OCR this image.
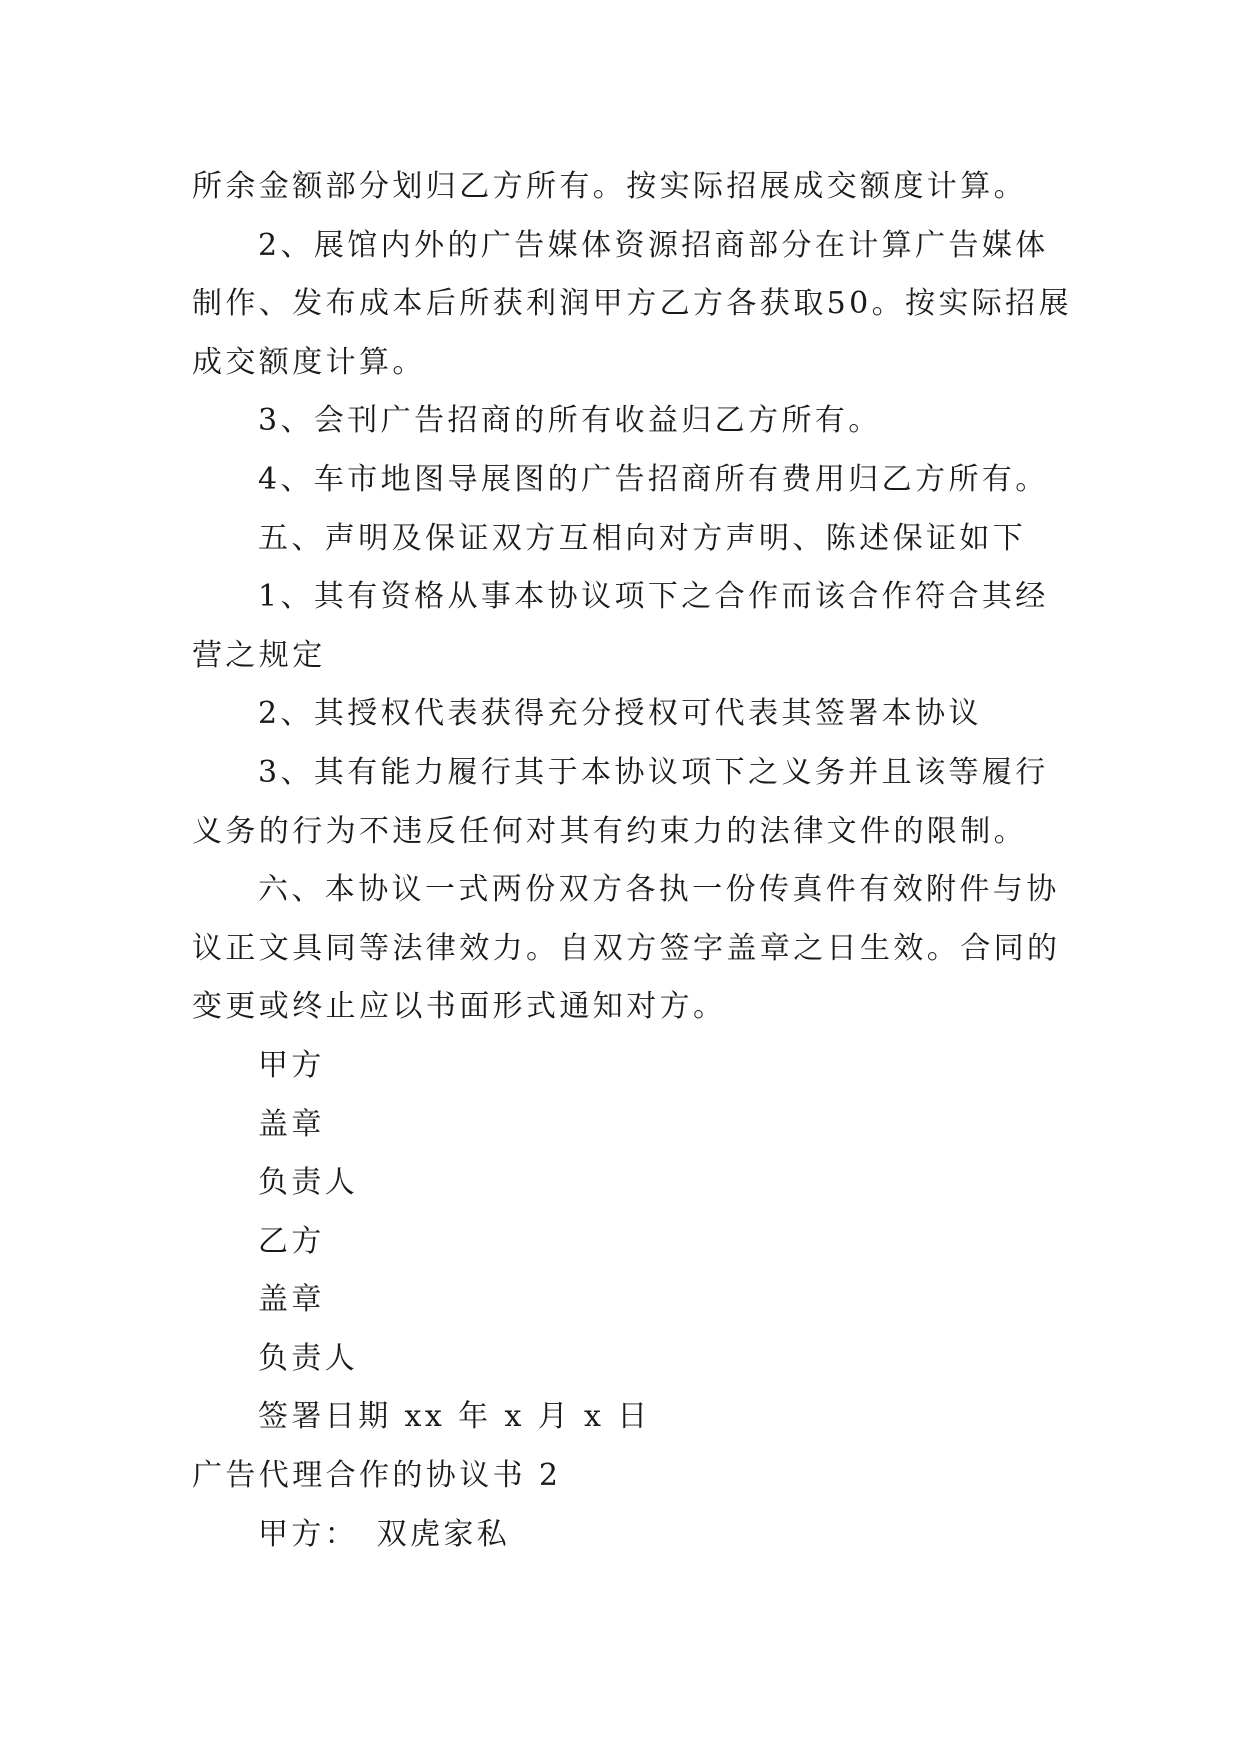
所余金额部分划归乙方所有。按实际招展成交额度计算。
2、展馆内外的广告媒体资源招商部分在计算广告媒体
制作、发布成本后所获利润甲方乙方各获取50。按实际招展
成交额度计算。
3、会刊广告招商的所有收益归乙方所有。
4、车市地图导展图的广告招商所有费用归乙方所有。
五、声明及保证双方互相向对方声明、陈述保证如下
1、其有资格从事本协议项下之合作而该合作符合其经
营之规定
2、其授权代表获得充分授权可代表其签署本协议
3、其有能力履行其于本协议项下之义务并且该等履行
义务的行为不违反任何对其有约束力的法律文件的限制。
六、本协议一式两份双方各执一份传真件有效附件与协
议正文具同等法律效力。自双方签字盖章之日生效。合同的
变更或终止应以书面形式通知对方。
甲方
盖章
负责人
乙方
盖章
负责人
签署日期 xx 年 x 月 x 日
广告代理合作的协议书 2
甲方：　双虎家私
